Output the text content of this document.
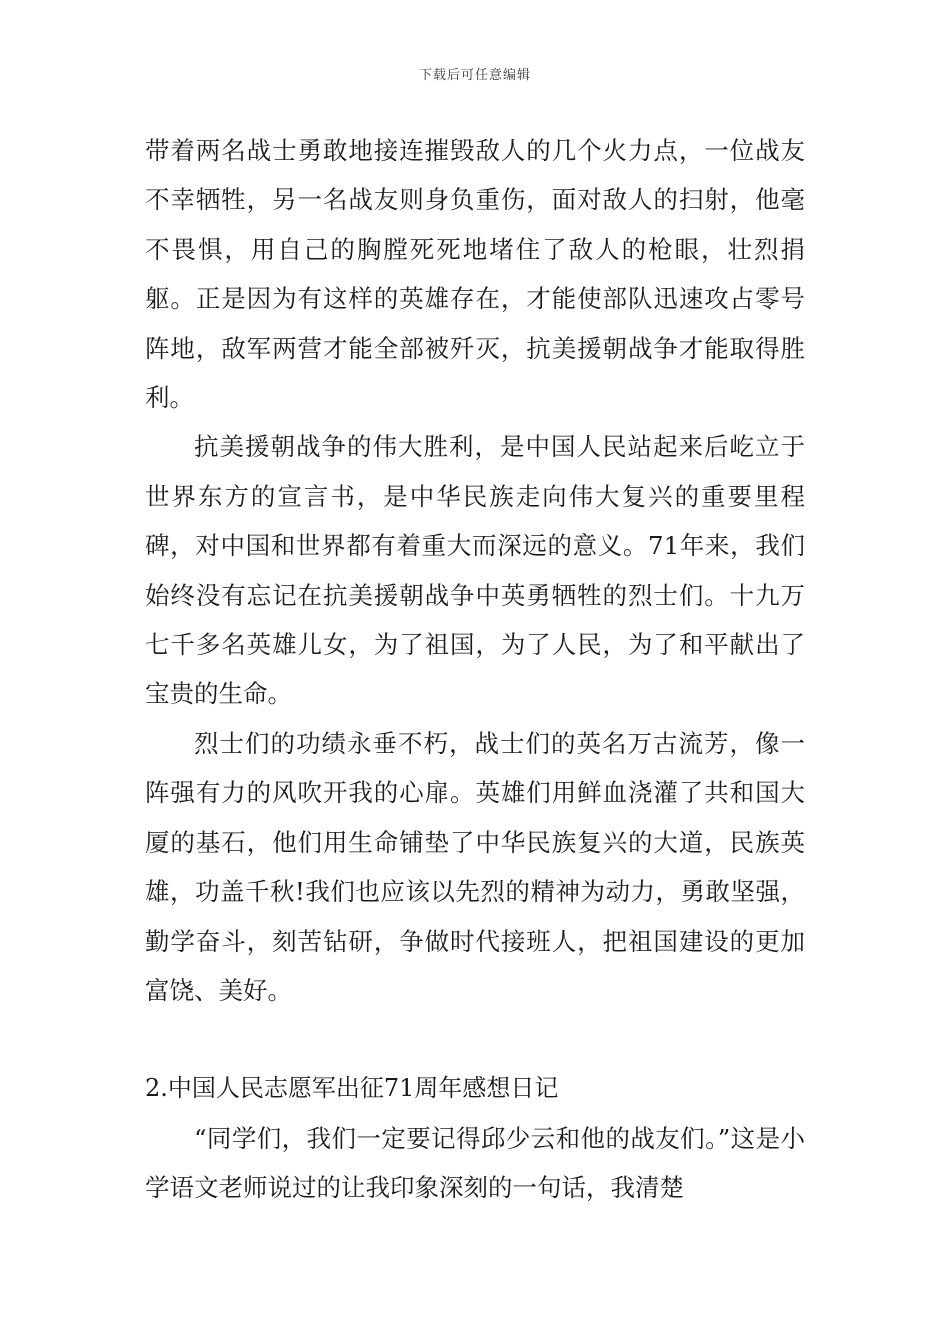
下载后可任意编辑

带着两名战士勇敢地接连摧毁敌人的几个火力点，一位战友不幸牺牲，另一名战友则身负重伤，面对敌人的扫射，他毫不畏惧，用自己的胸膛死死地堵住了敌人的枪眼，壮烈捐躯。正是因为有这样的英雄存在，才能使部队迅速攻占零号阵地，敌军两营才能全部被歼灭，抗美援朝战争才能取得胜利。

抗美援朝战争的伟大胜利，是中国人民站起来后屹立于世界东方的宣言书，是中华民族走向伟大复兴的重要里程碑，对中国和世界都有着重大而深远的意义。71年来，我们始终没有忘记在抗美援朝战争中英勇牺牲的烈士们。十九万七千多名英雄儿女，为了祖国，为了人民，为了和平献出了宝贵的生命。

烈士们的功绩永垂不朽，战士们的英名万古流芳，像一阵强有力的风吹开我的心扉。英雄们用鲜血浇灌了共和国大厦的基石，他们用生命铺垫了中华民族复兴的大道，民族英雄，功盖千秋!我们也应该以先烈的精神为动力，勇敢坚强，勤学奋斗，刻苦钻研，争做时代接班人，把祖国建设的更加富饶、美好。

2.中国人民志愿军出征71周年感想日记

“同学们，我们一定要记得邱少云和他的战友们。”这是小学语文老师说过的让我印象深刻的一句话，我清楚
